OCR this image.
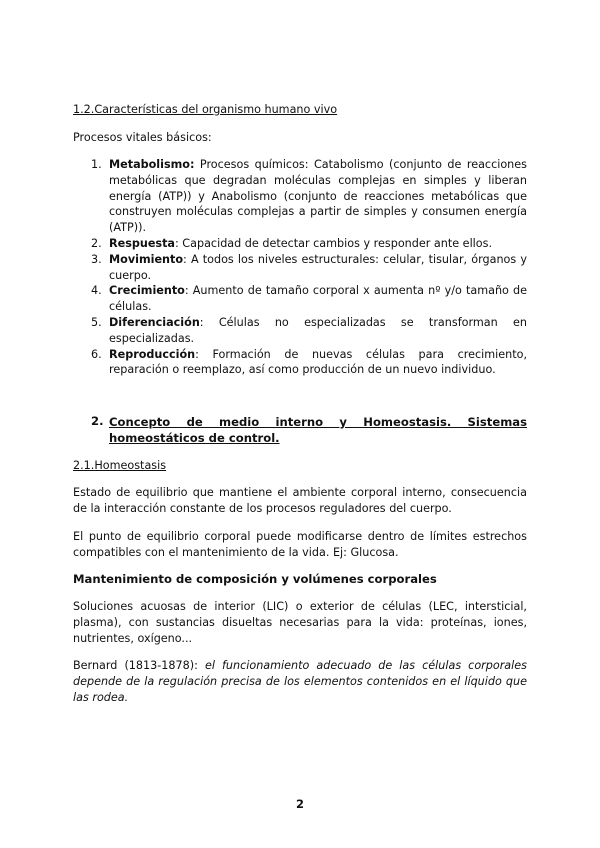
1.2.Características del organismo humano vivo
Procesos vitales básicos:
1. Metabolismo: Procesos químicos: Catabolismo (conjunto de reacciones metabólicas que degradan moléculas complejas en simples y liberan energía (ATP)) y Anabolismo (conjunto de reacciones metabólicas que construyen moléculas complejas a partir de simples y consumen energía (ATP)).
2. Respuesta: Capacidad de detectar cambios y responder ante ellos.
3. Movimiento: A todos los niveles estructurales: celular, tisular, órganos y cuerpo.
4. Crecimiento: Aumento de tamaño corporal x aumenta nº y/o tamaño de células.
5. Diferenciación: Células no especializadas se transforman en especializadas.
6. Reproducción: Formación de nuevas células para crecimiento, reparación o reemplazo, así como producción de un nuevo individuo.
2. Concepto de medio interno y Homeostasis. Sistemas homeostáticos de control.
2.1.Homeostasis
Estado de equilibrio que mantiene el ambiente corporal interno, consecuencia de la interacción constante de los procesos reguladores del cuerpo.
El punto de equilibrio corporal puede modificarse dentro de límites estrechos compatibles con el mantenimiento de la vida. Ej: Glucosa.
Mantenimiento de composición y volúmenes corporales
Soluciones acuosas de interior (LIC) o exterior de células (LEC, intersticial, plasma), con sustancias disueltas necesarias para la vida: proteínas, iones, nutrientes, oxígeno...
Bernard (1813-1878): el funcionamiento adecuado de las células corporales depende de la regulación precisa de los elementos contenidos en el líquido que las rodea.
2
